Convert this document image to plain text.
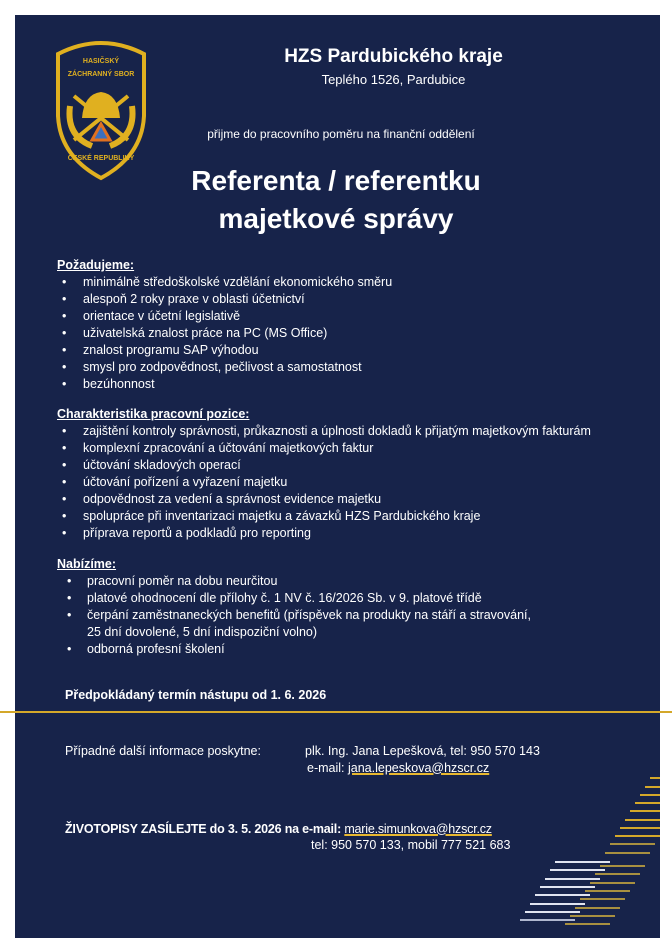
HASIČSKÝ
ZÁCHRANNÝ SBOR
ČESKÉ REPUBLIKY
HZS Pardubického kraje
Teplého 1526, Pardubice
přijme do pracovního poměru na finanční oddělení
Referenta / referentku
majetkové správy
Požadujeme:
• minimálně středoškolské vzdělání ekonomického směru
• alespoň 2 roky praxe v oblasti účetnictví
• orientace v účetní legislativě
• uživatelská znalost práce na PC (MS Office)
• znalost programu SAP výhodou
• smysl pro zodpovědnost, pečlivost a samostatnost
• bezúhonnost
Charakteristika pracovní pozice:
• zajištění kontroly správnosti, průkaznosti a úplnosti dokladů k přijatým majetkovým fakturám
• komplexní zpracování a účtování majetkových faktur
• účtování skladových operací
• účtování pořízení a vyřazení majetku
• odpovědnost za vedení a správnost evidence majetku
• spolupráce při inventarizaci majetku a závazků HZS Pardubického kraje
• příprava reportů a podkladů pro reporting
Nabízíme:
• pracovní poměr na dobu neurčitou
• platové ohodnocení dle přílohy č. 1 NV č. 16/2026 Sb. v 9. platové třídě
• čerpání zaměstnaneckých benefitů (příspěvek na produkty na stáří a stravování,
25 dní dovolené, 5 dní indispoziční volno)
• odborná profesní školení
Předpokládaný termín nástupu od 1. 6. 2026
Případné další informace poskytne:	plk. Ing. Jana Lepešková, tel: 950 570 143
e-mail: jana.lepeskova@hzscr.cz
ŽIVOTOPISY ZASÍLEJTE do 3. 5. 2026 na e-mail: marie.simunkova@hzscr.cz
tel: 950 570 133, mobil 777 521 683
